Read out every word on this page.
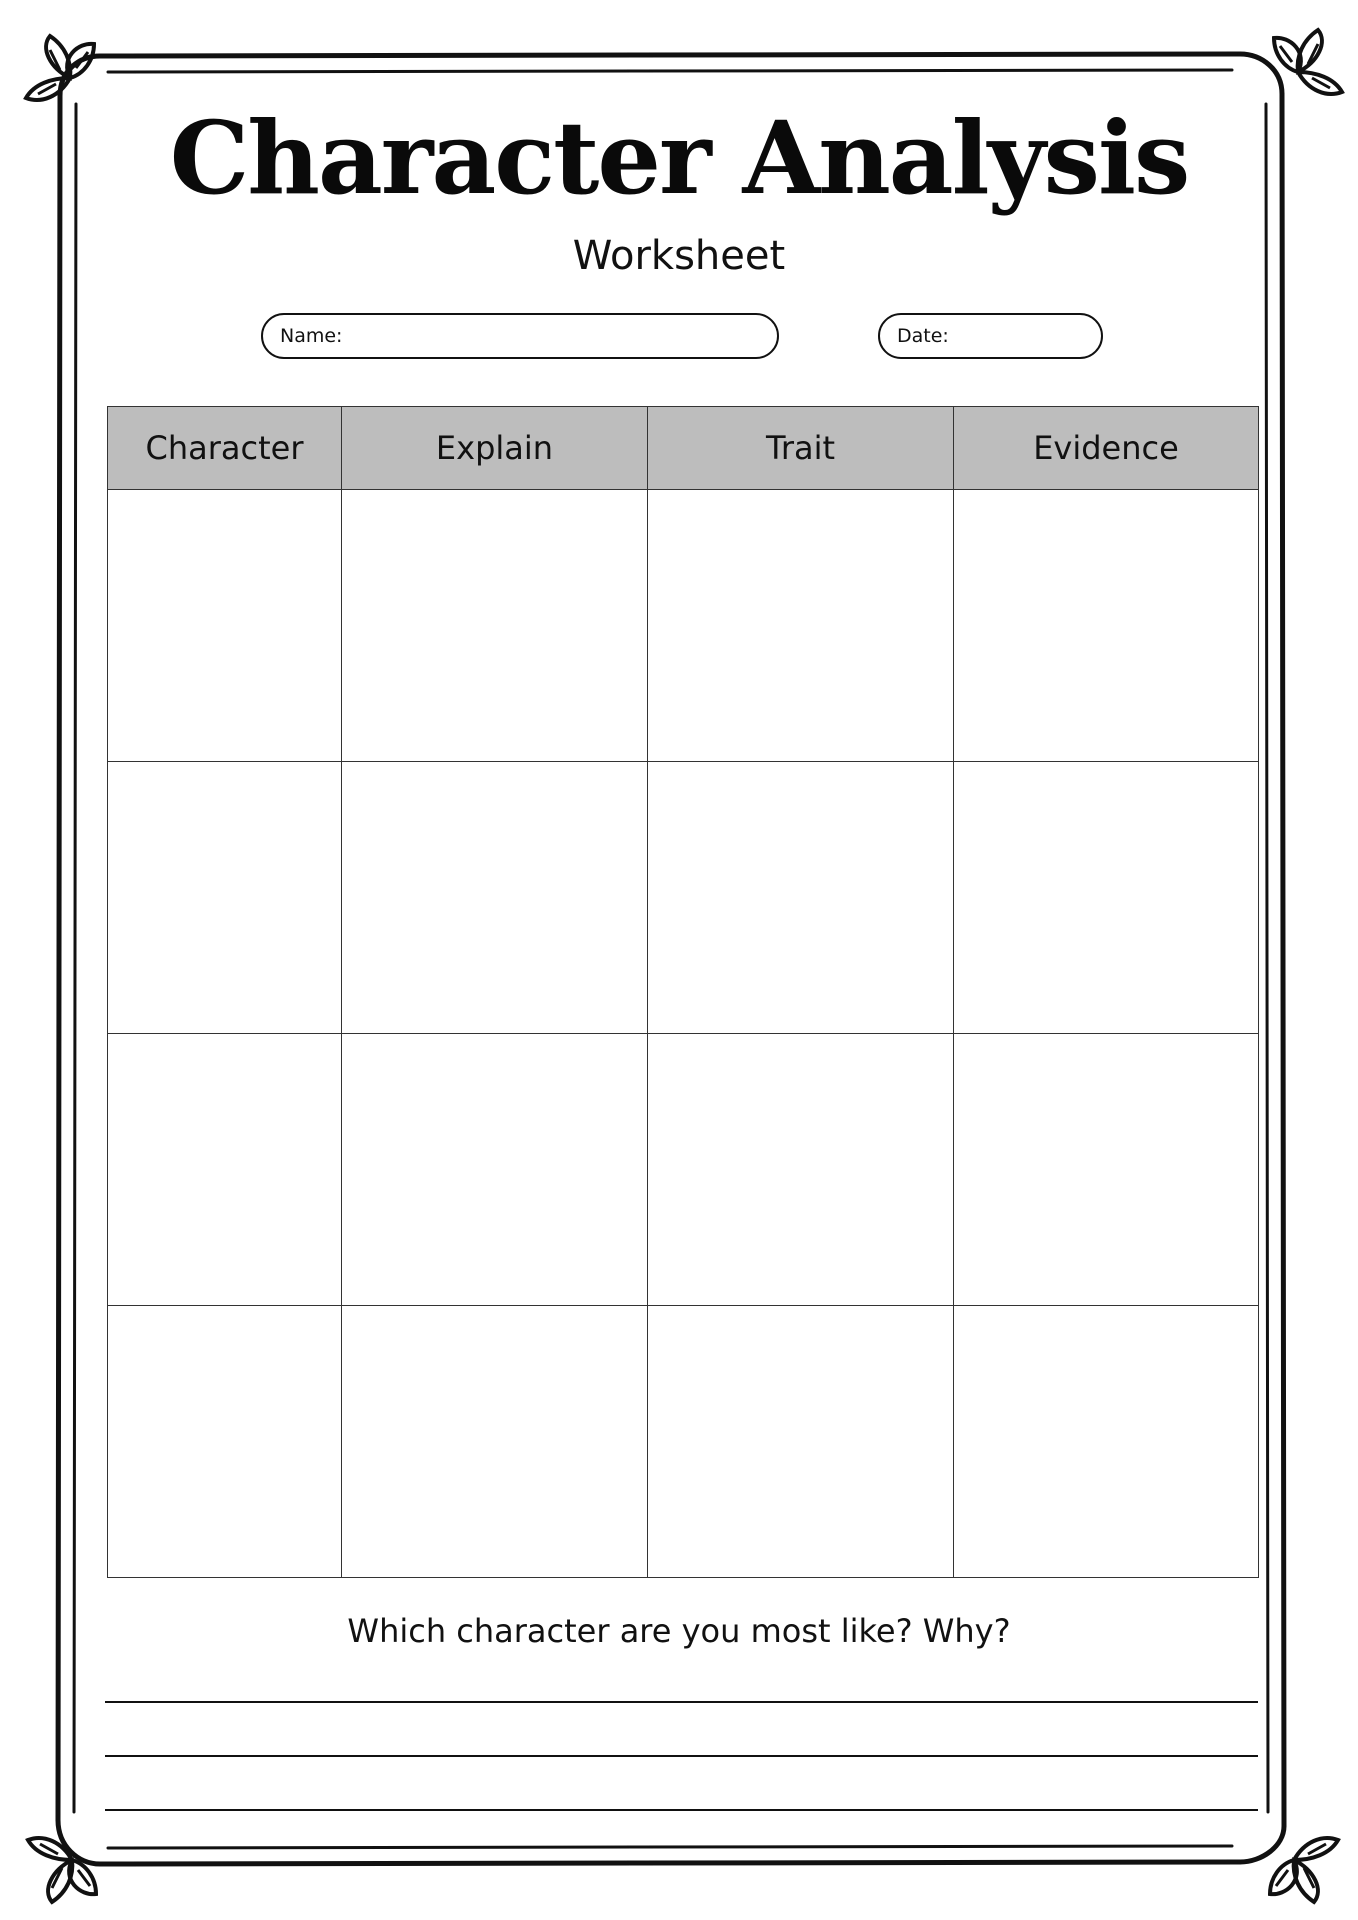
Character Analysis
Worksheet
Name:	Date:
Character	Explain	Trait	Evidence

Which character are you most like? Why?
